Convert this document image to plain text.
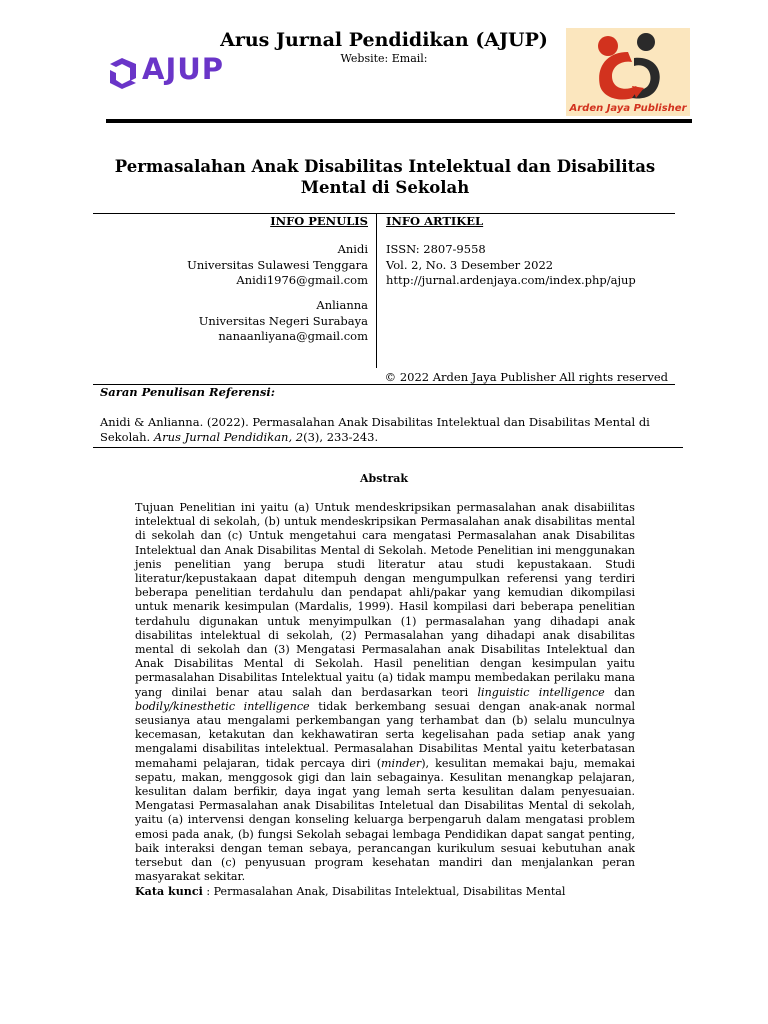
AJUP
Arus Jurnal Pendidikan (AJUP)
Website: Email:
Arden Jaya Publisher
Permasalahan Anak Disabilitas Intelektual dan Disabilitas Mental di Sekolah
INFO PENULIS INFO ARTIKEL
Anidi
Universitas Sulawesi Tenggara
Anidi1976@gmail.com
Anlianna
Universitas Negeri Surabaya
nanaanliyana@gmail.com
ISSN: 2807-9558
Vol. 2, No. 3 Desember 2022
http://jurnal.ardenjaya.com/index.php/ajup
© 2022 Arden Jaya Publisher All rights reserved
Saran Penulisan Referensi:
Anidi & Anlianna. (2022). Permasalahan Anak Disabilitas Intelektual dan Disabilitas Mental di Sekolah. Arus Jurnal Pendidikan, 2(3), 233-243.
Abstrak
Tujuan Penelitian ini yaitu (a) Untuk mendeskripsikan permasalahan anak disabiilitas intelektual di sekolah, (b) untuk mendeskripsikan Permasalahan anak disabilitas mental di sekolah dan (c) Untuk mengetahui cara mengatasi Permasalahan anak Disabilitas Intelektual dan Anak Disabilitas Mental di Sekolah. Metode Penelitian ini menggunakan jenis penelitian yang berupa studi literatur atau studi kepustakaan. Studi literatur/kepustakaan dapat ditempuh dengan mengumpulkan referensi yang terdiri beberapa penelitian terdahulu dan pendapat ahli/pakar yang kemudian dikompilasi untuk menarik kesimpulan (Mardalis, 1999). Hasil kompilasi dari beberapa penelitian terdahulu digunakan untuk menyimpulkan (1) permasalahan yang dihadapi anak disabilitas intelektual di sekolah, (2) Permasalahan yang dihadapi anak disabilitas mental di sekolah dan (3) Mengatasi Permasalahan anak Disabilitas Intelektual dan Anak Disabilitas Mental di Sekolah. Hasil penelitian dengan kesimpulan yaitu permasalahan Disabilitas Intelektual yaitu (a) tidak mampu membedakan perilaku mana yang dinilai benar atau salah dan berdasarkan teori linguistic intelligence dan bodily/kinesthetic intelligence tidak berkembang sesuai dengan anak-anak normal seusianya atau mengalami perkembangan yang terhambat dan (b) selalu munculnya kecemasan, ketakutan dan kekhawatiran serta kegelisahan pada setiap anak yang mengalami disabilitas intelektual. Permasalahan Disabilitas Mental yaitu keterbatasan memahami pelajaran, tidak percaya diri (minder), kesulitan memakai baju, memakai sepatu, makan, menggosok gigi dan lain sebagainya. Kesulitan menangkap pelajaran, kesulitan dalam berfikir, daya ingat yang lemah serta kesulitan dalam penyesuaian. Mengatasi Permasalahan anak Disabilitas Inteletual dan Disabilitas Mental di sekolah, yaitu (a) intervensi dengan konseling keluarga berpengaruh dalam mengatasi problem emosi pada anak, (b) fungsi Sekolah sebagai lembaga Pendidikan dapat sangat penting, baik interaksi dengan teman sebaya, perancangan kurikulum sesuai kebutuhan anak tersebut dan (c) penyusuan program kesehatan mandiri dan menjalankan peran masyarakat sekitar.
Kata kunci : Permasalahan Anak, Disabilitas Intelektual, Disabilitas Mental
